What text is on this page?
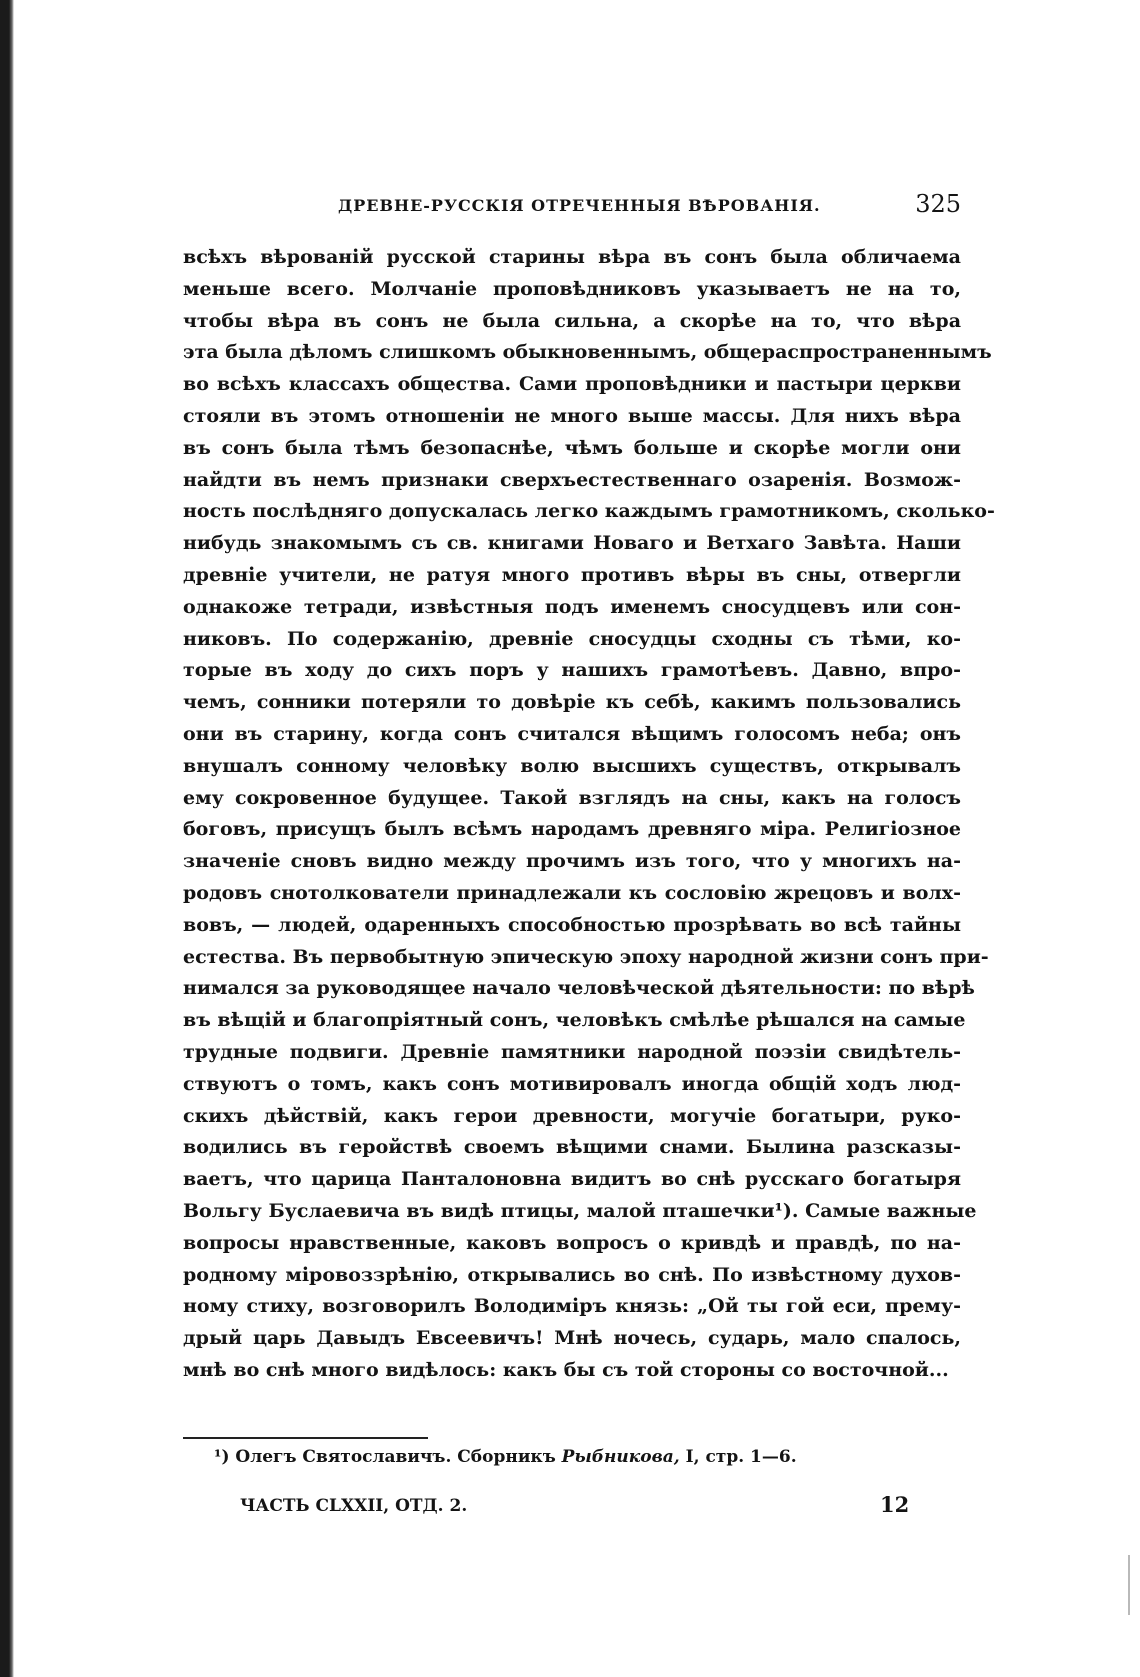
ДРЕВНЕ-РУССКІЯ ОТРЕЧЕННЫЯ ВѢРОВАНІЯ.	325
всѣхъ вѣрованій русской старины вѣра въ сонъ была обличаема
меньше всего. Молчаніе проповѣдниковъ указываетъ не на то,
чтобы вѣра въ сонъ не была сильна, а скорѣе на то, что вѣра
эта была дѣломъ слишкомъ обыкновеннымъ, общераспространеннымъ
во всѣхъ классахъ общества. Сами проповѣдники и пастыри церкви
стояли въ этомъ отношеніи не много выше массы. Для нихъ вѣра
въ сонъ была тѣмъ безопаснѣе, чѣмъ больше и скорѣе могли они
найдти въ немъ признаки сверхъестественнаго озаренія. Возмож-
ность послѣдняго допускалась легко каждымъ грамотникомъ, сколько-
нибудь знакомымъ съ св. книгами Новаго и Ветхаго Завѣта. Наши
древніе учители, не ратуя много противъ вѣры въ сны, отвергли
однакоже тетради, извѣстныя подъ именемъ сносудцевъ или сон-
никовъ. По содержанію, древніе сносудцы сходны съ тѣми, ко-
торые въ ходу до сихъ поръ у нашихъ грамотѣевъ. Давно, впро-
чемъ, сонники потеряли то довѣріе къ себѣ, какимъ пользовались
они въ старину, когда сонъ считался вѣщимъ голосомъ неба; онъ
внушалъ сонному человѣку волю высшихъ существъ, открывалъ
ему сокровенное будущее. Такой взглядъ на сны, какъ на голосъ
боговъ, присущъ былъ всѣмъ народамъ древняго міра. Религіозное
значеніе сновъ видно между прочимъ изъ того, что у многихъ на-
родовъ снотолкователи принадлежали къ сословію жрецовъ и волх-
вовъ, — людей, одаренныхъ способностью прозрѣвать во всѣ тайны
естества. Въ первобытную эпическую эпоху народной жизни сонъ при-
нимался за руководящее начало человѣческой дѣятельности: по вѣрѣ
въ вѣщій и благопріятный сонъ, человѣкъ смѣлѣе рѣшался на самые
трудные подвиги. Древніе памятники народной поэзіи свидѣтель-
ствуютъ о томъ, какъ сонъ мотивировалъ иногда общій ходъ люд-
скихъ дѣйствій, какъ герои древности, могучіе богатыри, руко-
водились въ геройствѣ своемъ вѣщими снами. Былина разсказы-
ваетъ, что царица Панталоновна видитъ во снѣ русскаго богатыря
Вольгу Буслаевича въ видѣ птицы, малой пташечки¹). Самые важные
вопросы нравственные, каковъ вопросъ о кривдѣ и правдѣ, по на-
родному міровоззрѣнію, открывались во снѣ. По извѣстному духов-
ному стиху, возговорилъ Володиміръ князь: „Ой ты гой еси, прему-
дрый царь Давыдъ Евсеевичъ! Мнѣ ночесь, сударь, мало спалось,
мнѣ во снѣ много видѣлось: какъ бы съ той стороны со восточной...
¹) Олегъ Святославичъ. Сборникъ Рыбникова, I, стр. 1—6.
ЧАСТЬ CLXXII, ОТД. 2.	12
